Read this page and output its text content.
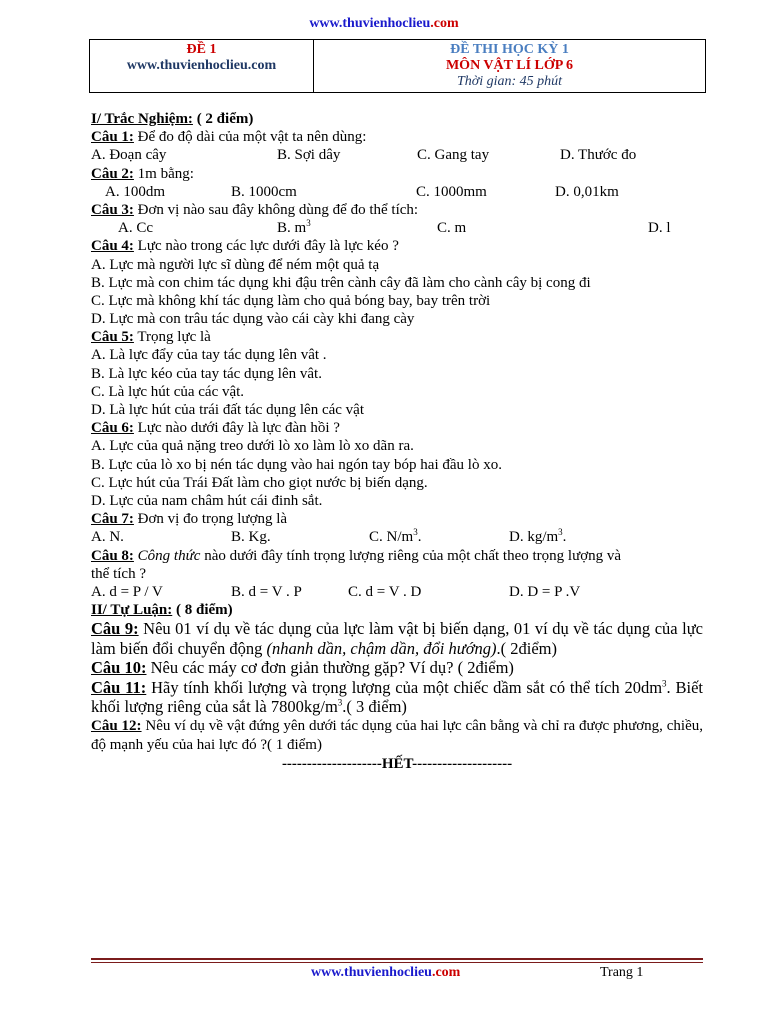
www.thuvienhoclieu.com
ĐỀ 1
www.thuvienhoclieu.com
ĐỀ THI HỌC KỲ 1
MÔN VẬT LÍ LỚP 6
Thời gian: 45 phút
I/ Trắc Nghiệm: ( 2 điểm)
Câu 1: Để đo độ dài của một vật ta nên dùng:
A. Đoạn cây	B. Sợi dây	C. Gang tay	D. Thước đo
Câu 2: 1m bằng:
A. 100dm	B. 1000cm	C. 1000mm	D. 0,01km
Câu 3: Đơn vị nào sau đây không dùng để đo thể tích:
A. Cc	B. $m^3$	C. m	D. l
Câu 4: Lực nào trong các lực dưới đây là lực kéo ?
A. Lực mà người lực sĩ dùng để ném một quả tạ
B. Lực mà con chim tác dụng khi đậu trên cành cây đã làm cho cành cây bị cong đi
C. Lực mà không khí tác dụng làm cho quả bóng bay, bay trên trời
D. Lực mà con trâu tác dụng vào cái cày khi đang cày
Câu 5: Trọng lực là
A. Là lực đẩy của tay tác dụng lên vât .
B. Là lực kéo của tay tác dụng lên vât.
C. Là lực hút của các vật.
D. Là lực hút của trái đất tác dụng lên các vật
Câu 6: Lực nào dưới đây là lực đàn hồi ?
A. Lực của quả nặng treo dưới lò xo làm lò xo dãn ra.
B. Lực của lò xo bị nén tác dụng vào hai ngón tay bóp hai đầu lò xo.
C. Lực hút của Trái Đất làm cho giọt nước bị biến dạng.
D. Lực của nam châm hút cái đinh sắt.
Câu 7: Đơn vị đo trọng lượng là
A. N.	B. Kg.	C. $N/m^3$.	D. $kg/m^3$.
Câu 8: Công thức nào dưới đây tính trọng lượng riêng của một chất theo trọng lượng và
thể tích ?
A. d = P / V	B. d = V . P	C. d = V . D	D. D = P .V
II/ Tự Luận: ( 8 điểm)
Câu 9: Nêu 01 ví dụ về tác dụng của lực làm vật bị biến dạng, 01 ví dụ về tác dụng của lực làm biến đổi chuyển động (nhanh dần, chậm dần, đổi hướng).( 2điểm)
Câu 10: Nêu các máy cơ đơn giản thường gặp? Ví dụ? ( 2điểm)
Câu 11: Hãy tính khối lượng và trọng lượng của một chiếc dầm sắt có thể tích $20dm^3$. Biết khối lượng riêng của sắt là $7800kg/m^3$.( 3 điểm)
Câu 12: Nêu ví dụ về vật đứng yên dưới tác dụng của hai lực cân bằng và chỉ ra được phương, chiều, độ mạnh yếu của hai lực đó ?( 1 điểm)
--------------------HẾT--------------------
www.thuvienhoclieu.com	Trang 1
